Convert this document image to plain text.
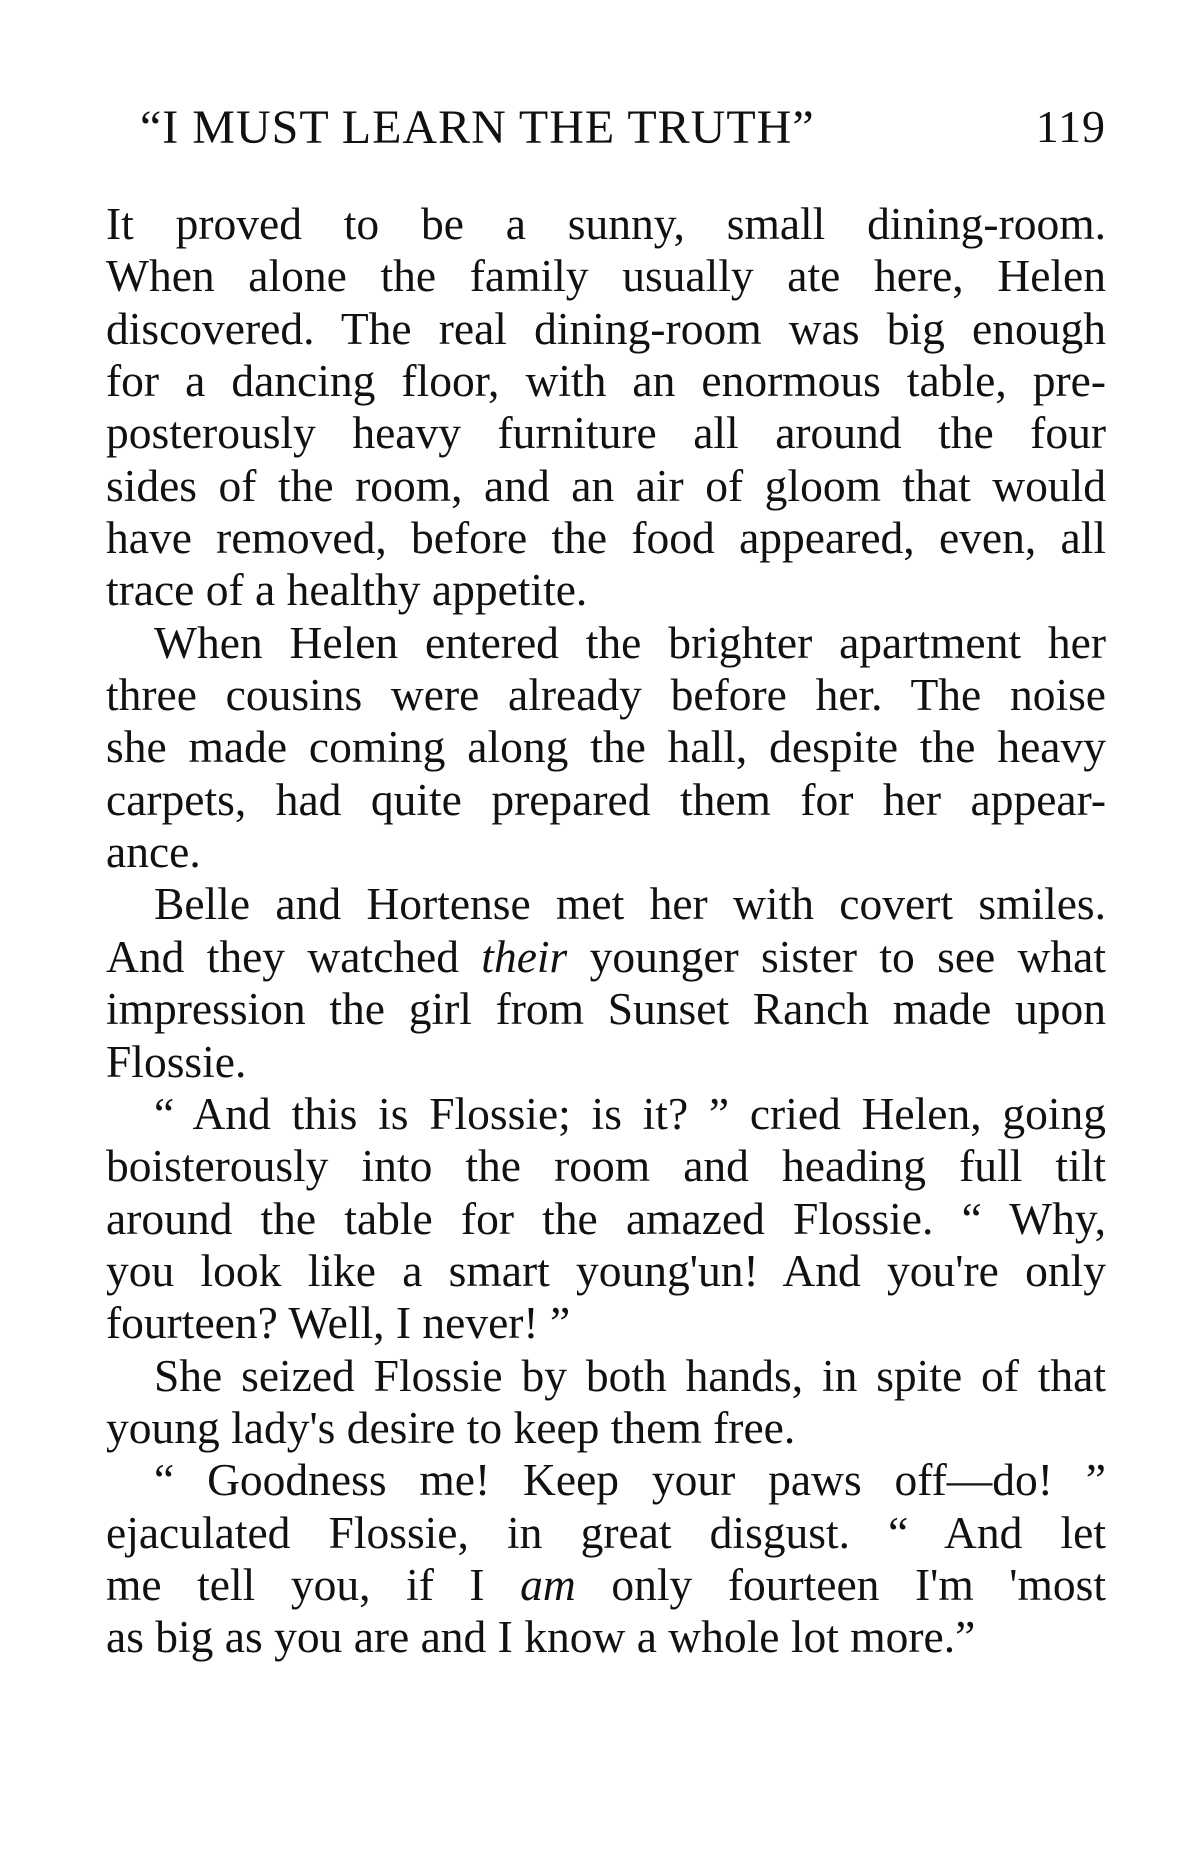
“I MUST LEARN THE TRUTH”	119
It proved to be a sunny, small dining-room.
When alone the family usually ate here, Helen
discovered. The real dining-room was big enough
for a dancing floor, with an enormous table, pre-
posterously heavy furniture all around the four
sides of the room, and an air of gloom that would
have removed, before the food appeared, even, all
trace of a healthy appetite.
When Helen entered the brighter apartment her
three cousins were already before her. The noise
she made coming along the hall, despite the heavy
carpets, had quite prepared them for her appear-
ance.
Belle and Hortense met her with covert smiles.
And they watched their younger sister to see what
impression the girl from Sunset Ranch made upon
Flossie.
“ And this is Flossie; is it? ” cried Helen, going
boisterously into the room and heading full tilt
around the table for the amazed Flossie. “ Why,
you look like a smart young'un! And you're only
fourteen? Well, I never! ”
She seized Flossie by both hands, in spite of that
young lady's desire to keep them free.
“ Goodness me! Keep your paws off—do! ”
ejaculated Flossie, in great disgust. “ And let
me tell you, if I am only fourteen I'm 'most
as big as you are and I know a whole lot more.”
